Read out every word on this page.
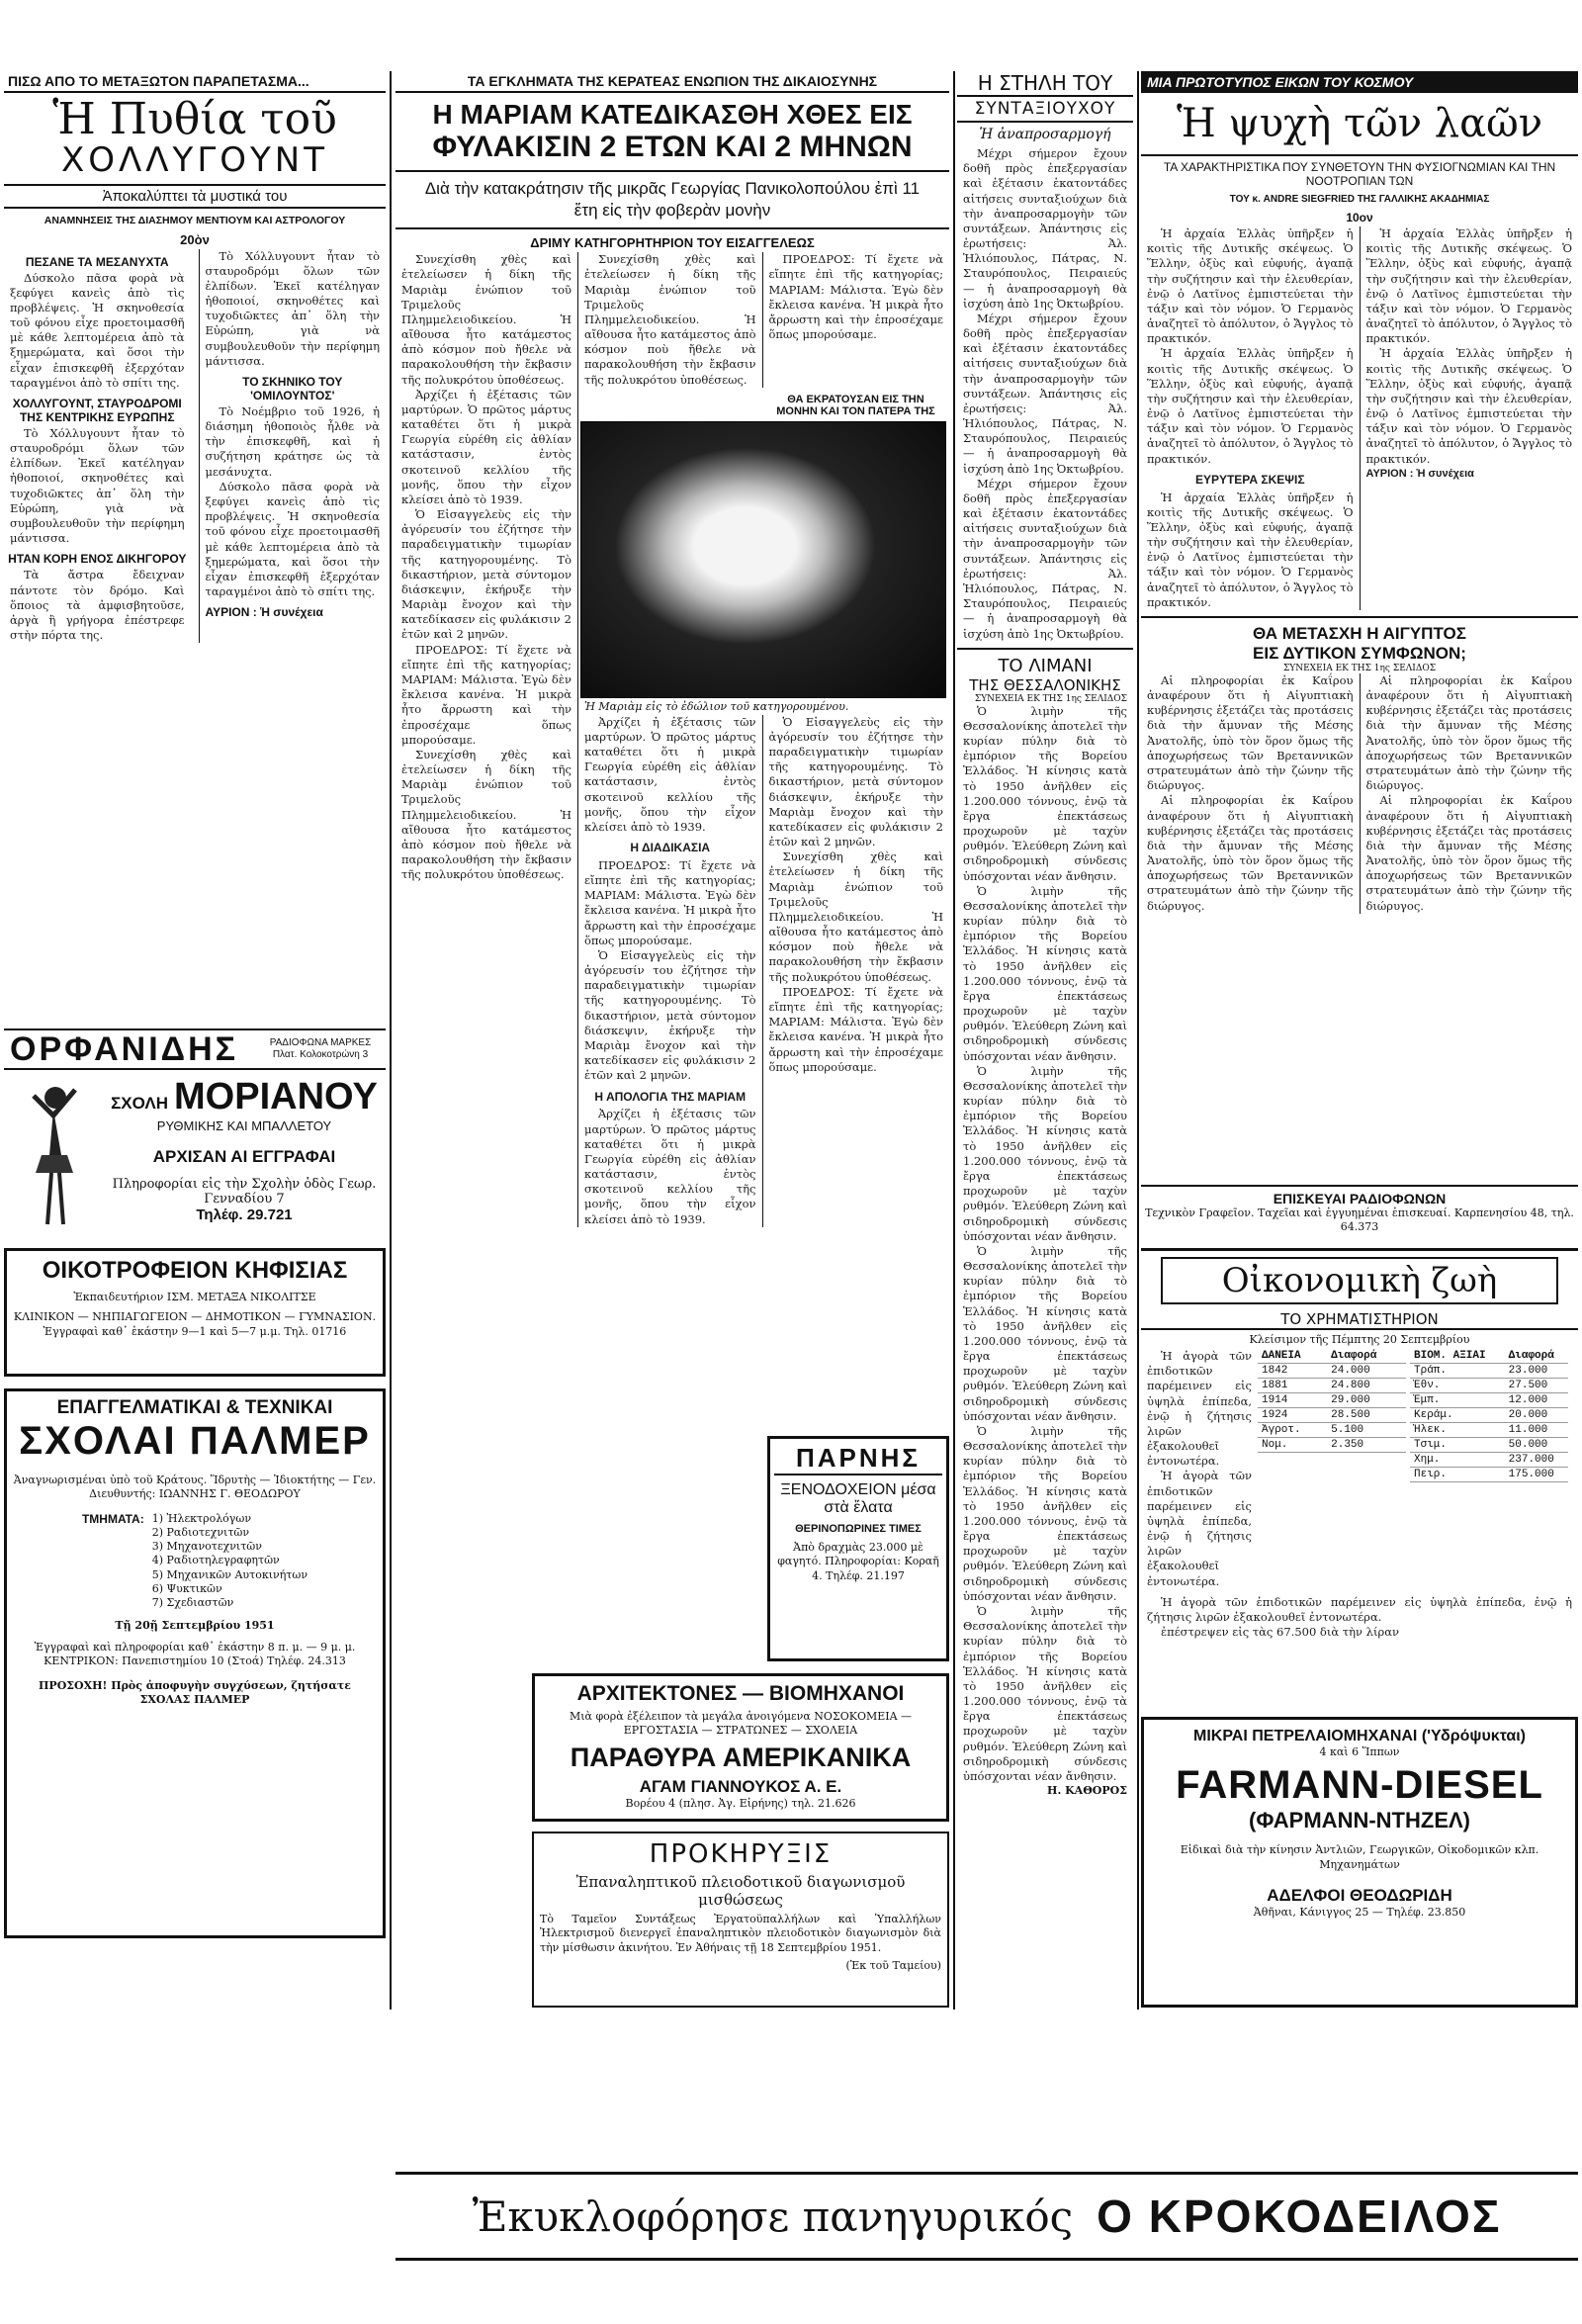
ΠΙΣΩ ΑΠΟ ΤΟ ΜΕΤΑΞΩΤΟΝ ΠΑΡΑΠΕΤΑΣΜΑ...
Ἡ Πυθία τοῦ
ΧΟΛΛΥΓΟΥΝΤ
Ἀποκαλύπτει τὰ μυστικά του
ΑΝΑΜΝΗΣΕΙΣ ΤΗΣ ΔΙΑΣΗΜΟΥ ΜΕΝΤΙΟΥΜ ΚΑΙ ΑΣΤΡΟΛΟΓΟΥ
20ὸν
ΠΕΣΑΝΕ ΤΑ ΜΕΣΑΝΥΧΤΑ

Δύσκολο πᾶσα φορὰ νὰ ξεφύγει κανεὶς ἀπὸ τὶς προβλέψεις. Ἡ σκηνοθεσία τοῦ φόνου εἶχε προετοιμασθῆ μὲ κάθε λεπτομέρεια ἀπὸ τὰ ξημερώματα, καὶ ὅσοι τὴν εἶχαν ἐπισκεφθῆ ἐξερχόταν ταραγμένοι ἀπὸ τὸ σπίτι της.

ΧΟΛΛΥΓΟΥΝΤ, ΣΤΑΥΡΟΔΡΟΜΙ ΤΗΣ ΚΕΝΤΡΙΚΗΣ ΕΥΡΩΠΗΣ

Τὸ Χόλλυγουντ ἦταν τὸ σταυροδρόμι ὅλων τῶν ἐλπίδων. Ἐκεῖ κατέληγαν ἠθοποιοί, σκηνοθέτες καὶ τυχοδιῶκτες ἀπ᾽ ὅλη τὴν Εὐρώπη, γιὰ νὰ συμβουλευθοῦν τὴν περίφημη μάντισσα.

ΗΤΑΝ ΚΟΡΗ ΕΝΟΣ ΔΙΚΗΓΟΡΟΥ

Τὰ ἄστρα ἔδειχναν πάντοτε τὸν δρόμο. Καὶ ὅποιος τὰ ἀμφισβητοῦσε, ἀργὰ ἢ γρήγορα ἐπέστρεφε στὴν πόρτα της.

Τὸ Χόλλυγουντ ἦταν τὸ σταυροδρόμι ὅλων τῶν ἐλπίδων. Ἐκεῖ κατέληγαν ἠθοποιοί, σκηνοθέτες καὶ τυχοδιῶκτες ἀπ᾽ ὅλη τὴν Εὐρώπη, γιὰ νὰ συμβουλευθοῦν τὴν περίφημη μάντισσα.

ΤΟ ΣΚΗΝΙΚΟ ΤΟΥ 'ΟΜΙΛΟΥΝΤΟΣ'

Τὸ Νοέμβριο τοῦ 1926, ἡ διάσημη ἠθοποιὸς ἦλθε νὰ τὴν ἐπισκεφθῆ, καὶ ἡ συζήτηση κράτησε ὡς τὰ μεσάνυχτα.

Δύσκολο πᾶσα φορὰ νὰ ξεφύγει κανεὶς ἀπὸ τὶς προβλέψεις. Ἡ σκηνοθεσία τοῦ φόνου εἶχε προετοιμασθῆ μὲ κάθε λεπτομέρεια ἀπὸ τὰ ξημερώματα, καὶ ὅσοι τὴν εἶχαν ἐπισκεφθῆ ἐξερχόταν ταραγμένοι ἀπὸ τὸ σπίτι της.

ΑΥΡΙΟΝ : Ἡ συνέχεια
ΟΡΦΑΝΙΔΗΣ	ΡΑΔΙΟΦΩΝΑ ΜΑΡΚΕΣ Πλατ. Κολοκοτρώνη 3
ΣΧΟΛΗ ΜΟΡΙΑΝΟΥ
ΡΥΘΜΙΚΗΣ ΚΑΙ ΜΠΑΛΛΕΤΟΥ
ΑΡΧΙΣΑΝ ΑΙ ΕΓΓΡΑΦΑΙ
Πληροφορίαι εἰς τὴν Σχολὴν ὁδὸς Γεωρ. Γενναδίου 7
Τηλέφ. 29.721
ΟΙΚΟΤΡΟΦΕΙΟΝ ΚΗΦΙΣΙΑΣ
Ἐκπαιδευτήριον ΙΣΜ. ΜΕΤΑΞΑ ΝΙΚΟΛΙΤΣΕ
ΚΛΙΝΙΚΟΝ — ΝΗΠΙΑΓΩΓΕΙΟΝ — ΔΗΜΟΤΙΚΟΝ — ΓΥΜΝΑΣΙΟΝ. Ἐγγραφαὶ καθ᾽ ἑκάστην 9—1 καὶ 5—7 μ.μ. Τηλ. 01716
ΕΠΑΓΓΕΛΜΑΤΙΚΑΙ & ΤΕΧΝΙΚΑΙ
ΣΧΟΛΑΙ ΠΑΛΜΕΡ
Ἀναγνωρισμέναι ὑπὸ τοῦ Κράτους. Ἵδρυτὴς — Ἰδιοκτήτης — Γεν. Διευθυντής: ΙΩΑΝΝΗΣ Γ. ΘΕΟΔΩΡΟΥ
ΤΜΗΜΑΤΑ: 1) Ἠλεκτρολόγων
2) Ραδιοτεχνιτῶν
3) Μηχανοτεχνιτῶν
4) Ραδιοτηλεγραφητῶν
5) Μηχανικῶν Αυτοκινήτων
6) Ψυκτικῶν
7) Σχεδιαστῶν
Τῇ 20ῇ Σεπτεμβρίου 1951
Ἐγγραφαὶ καὶ πληροφορίαι καθ᾽ ἑκάστην 8 π. μ. — 9 μ. μ. ΚΕΝΤΡΙΚΟΝ: Πανεπιστημίου 10 (Στοά) Τηλέφ. 24.313
ΠΡΟΣΟΧΗ! Πρὸς ἀποφυγὴν συγχύσεων, ζητήσατε ΣΧΟΛΑΣ ΠΑΛΜΕΡ
ΤΑ ΕΓΚΛΗΜΑΤΑ ΤΗΣ ΚΕΡΑΤΕΑΣ ΕΝΩΠΙΟΝ ΤΗΣ ΔΙΚΑΙΟΣΥΝΗΣ
Η ΜΑΡΙΑΜ ΚΑΤΕΔΙΚΑΣΘΗ ΧΘΕΣ ΕΙΣ
ΦΥΛΑΚΙΣΙΝ 2 ΕΤΩΝ ΚΑΙ 2 ΜΗΝΩΝ
Διὰ τὴν κατακράτησιν τῆς μικρᾶς Γεωργίας Πανικολοπούλου ἐπὶ 11 ἔτη εἰς τὴν φοβερὰν μονὴν
ΔΡΙΜΥ ΚΑΤΗΓΟΡΗΤΗΡΙΟΝ ΤΟΥ ΕΙΣΑΓΓΕΛΕΩΣ

Συνεχίσθη χθὲς καὶ ἐτελείωσεν ἡ δίκη τῆς Μαριὰμ ἐνώπιον τοῦ Τριμελοῦς Πλημμελειοδικείου. Ἡ αἴθουσα ἦτο κατάμεστος ἀπὸ κόσμον ποὺ ἤθελε νὰ παρακολουθήση τὴν ἔκβασιν τῆς πολυκρότου ὑποθέσεως.

Ἀρχίζει ἡ ἐξέτασις τῶν μαρτύρων. Ὁ πρῶτος μάρτυς καταθέτει ὅτι ἡ μικρὰ Γεωργία εὑρέθη εἰς ἀθλίαν κατάστασιν, ἐντὸς σκοτεινοῦ κελλίου τῆς μονῆς, ὅπου τὴν εἶχον κλείσει ἀπὸ τὸ 1939.

Ὁ Εἰσαγγελεὺς εἰς τὴν ἀγόρευσίν του ἐζήτησε τὴν παραδειγματικὴν τιμωρίαν τῆς κατηγορουμένης. Τὸ δικαστήριον, μετὰ σύντομον διάσκεψιν, ἐκήρυξε τὴν Μαριὰμ ἔνοχον καὶ τὴν κατεδίκασεν εἰς φυλάκισιν 2 ἐτῶν καὶ 2 μηνῶν.

ΠΡΟΕΔΡΟΣ: Τί ἔχετε νὰ εἴπητε ἐπὶ τῆς κατηγορίας; ΜΑΡΙΑΜ: Μάλιστα. Ἐγὼ δὲν ἔκλεισα κανένα. Ἡ μικρὰ ἦτο ἄρρωστη καὶ τὴν ἐπροσέχαμε ὅπως μπορούσαμε.

Συνεχίσθη χθὲς καὶ ἐτελείωσεν ἡ δίκη τῆς Μαριὰμ ἐνώπιον τοῦ Τριμελοῦς Πλημμελειοδικείου. Ἡ αἴθουσα ἦτο κατάμεστος ἀπὸ κόσμον ποὺ ἤθελε νὰ παρακολουθήση τὴν ἔκβασιν τῆς πολυκρότου ὑποθέσεως.

Συνεχίσθη χθὲς καὶ ἐτελείωσεν ἡ δίκη τῆς Μαριὰμ ἐνώπιον τοῦ Τριμελοῦς Πλημμελειοδικείου. Ἡ αἴθουσα ἦτο κατάμεστος ἀπὸ κόσμον ποὺ ἤθελε νὰ παρακολουθήση τὴν ἔκβασιν τῆς πολυκρότου ὑποθέσεως.

ΠΡΟΕΔΡΟΣ: Τί ἔχετε νὰ εἴπητε ἐπὶ τῆς κατηγορίας; ΜΑΡΙΑΜ: Μάλιστα. Ἐγὼ δὲν ἔκλεισα κανένα. Ἡ μικρὰ ἦτο ἄρρωστη καὶ τὴν ἐπροσέχαμε ὅπως μπορούσαμε.

ΘΑ ΕΚΡΑΤΟΥΣΑΝ ΕΙΣ ΤΗΝ ΜΟΝΗΝ ΚΑΙ ΤΟΝ ΠΑΤΕΡΑ ΤΗΣ
Ἡ Μαριὰμ εἰς τὸ ἑδώλιον τοῦ κατηγορουμένου.

Ἀρχίζει ἡ ἐξέτασις τῶν μαρτύρων. Ὁ πρῶτος μάρτυς καταθέτει ὅτι ἡ μικρὰ Γεωργία εὑρέθη εἰς ἀθλίαν κατάστασιν, ἐντὸς σκοτεινοῦ κελλίου τῆς μονῆς, ὅπου τὴν εἶχον κλείσει ἀπὸ τὸ 1939.

Η ΔΙΑΔΙΚΑΣΙΑ

ΠΡΟΕΔΡΟΣ: Τί ἔχετε νὰ εἴπητε ἐπὶ τῆς κατηγορίας; ΜΑΡΙΑΜ: Μάλιστα. Ἐγὼ δὲν ἔκλεισα κανένα. Ἡ μικρὰ ἦτο ἄρρωστη καὶ τὴν ἐπροσέχαμε ὅπως μπορούσαμε.

Ὁ Εἰσαγγελεὺς εἰς τὴν ἀγόρευσίν του ἐζήτησε τὴν παραδειγματικὴν τιμωρίαν τῆς κατηγορουμένης. Τὸ δικαστήριον, μετὰ σύντομον διάσκεψιν, ἐκήρυξε τὴν Μαριὰμ ἔνοχον καὶ τὴν κατεδίκασεν εἰς φυλάκισιν 2 ἐτῶν καὶ 2 μηνῶν.

Η ΑΠΟΛΟΓΙΑ ΤΗΣ ΜΑΡΙΑΜ

Ἀρχίζει ἡ ἐξέτασις τῶν μαρτύρων. Ὁ πρῶτος μάρτυς καταθέτει ὅτι ἡ μικρὰ Γεωργία εὑρέθη εἰς ἀθλίαν κατάστασιν, ἐντὸς σκοτεινοῦ κελλίου τῆς μονῆς, ὅπου τὴν εἶχον κλείσει ἀπὸ τὸ 1939.

Ὁ Εἰσαγγελεὺς εἰς τὴν ἀγόρευσίν του ἐζήτησε τὴν παραδειγματικὴν τιμωρίαν τῆς κατηγορουμένης. Τὸ δικαστήριον, μετὰ σύντομον διάσκεψιν, ἐκήρυξε τὴν Μαριὰμ ἔνοχον καὶ τὴν κατεδίκασεν εἰς φυλάκισιν 2 ἐτῶν καὶ 2 μηνῶν.

Συνεχίσθη χθὲς καὶ ἐτελείωσεν ἡ δίκη τῆς Μαριὰμ ἐνώπιον τοῦ Τριμελοῦς Πλημμελειοδικείου. Ἡ αἴθουσα ἦτο κατάμεστος ἀπὸ κόσμον ποὺ ἤθελε νὰ παρακολουθήση τὴν ἔκβασιν τῆς πολυκρότου ὑποθέσεως.

ΠΡΟΕΔΡΟΣ: Τί ἔχετε νὰ εἴπητε ἐπὶ τῆς κατηγορίας; ΜΑΡΙΑΜ: Μάλιστα. Ἐγὼ δὲν ἔκλεισα κανένα. Ἡ μικρὰ ἦτο ἄρρωστη καὶ τὴν ἐπροσέχαμε ὅπως μπορούσαμε.

ΠΑΡΝΗΣ
ΞΕΝΟΔΟΧΕΙΟΝ μέσα στὰ ἔλατα
ΘΕΡΙΝΟΠΩΡΙΝΕΣ ΤΙΜΕΣ
Ἀπὸ δραχμὰς 23.000 μὲ φαγητό. Πληροφορίαι: Κοραῆ 4. Τηλέφ. 21.197
ΑΡΧΙΤΕΚΤΟΝΕΣ — ΒΙΟΜΗΧΑΝΟΙ
Μιὰ φορὰ ἐξέλειπον τὰ μεγάλα ἀνοιγόμενα ΝΟΣΟΚΟΜΕΙΑ — ΕΡΓΟΣΤΑΣΙΑ — ΣΤΡΑΤΩΝΕΣ — ΣΧΟΛΕΙΑ
ΠΑΡΑΘΥΡΑ ΑΜΕΡΙΚΑΝΙΚΑ
ΑΓΑΜ ΓΙΑΝΝΟΥΚΟΣ Α. Ε.
Βορέου 4 (πλησ. Ἀγ. Εἰρήνης) τηλ. 21.626
ΠΡΟΚΗΡΥΞΙΣ
Ἐπαναληπτικοῦ πλειοδοτικοῦ διαγωνισμοῦ μισθώσεως
Τὸ Ταμεῖον Συντάξεως Ἐργατοϋπαλλήλων καὶ Ὑπαλλήλων Ἠλεκτρισμοῦ διενεργεῖ ἐπαναληπτικὸν πλειοδοτικὸν διαγωνισμὸν διὰ τὴν μίσθωσιν ἀκινήτου. Ἐν Ἀθήναις τῇ 18 Σεπτεμβρίου 1951.
(Ἐκ τοῦ Ταμείου)
Η ΣΤΗΛΗ ΤΟΥ
ΣΥΝΤΑΞΙΟΥΧΟΥ
Ἡ ἀναπροσαρμογή

Μέχρι σήμερον ἔχουν δοθῆ πρὸς ἐπεξεργασίαν καὶ ἐξέτασιν ἑκατοντάδες αἰτήσεις συνταξιούχων διὰ τὴν ἀναπροσαρμογὴν τῶν συντάξεων. Ἀπάντησις εἰς ἐρωτήσεις: Ἀλ. Ἡλιόπουλος, Πάτρας, Ν. Σταυρόπουλος, Πειραιεύς — ἡ ἀναπροσαρμογὴ θὰ ἰσχύση ἀπὸ 1ης Ὀκτωβρίου.

Μέχρι σήμερον ἔχουν δοθῆ πρὸς ἐπεξεργασίαν καὶ ἐξέτασιν ἑκατοντάδες αἰτήσεις συνταξιούχων διὰ τὴν ἀναπροσαρμογὴν τῶν συντάξεων. Ἀπάντησις εἰς ἐρωτήσεις: Ἀλ. Ἡλιόπουλος, Πάτρας, Ν. Σταυρόπουλος, Πειραιεύς — ἡ ἀναπροσαρμογὴ θὰ ἰσχύση ἀπὸ 1ης Ὀκτωβρίου.

Μέχρι σήμερον ἔχουν δοθῆ πρὸς ἐπεξεργασίαν καὶ ἐξέτασιν ἑκατοντάδες αἰτήσεις συνταξιούχων διὰ τὴν ἀναπροσαρμογὴν τῶν συντάξεων. Ἀπάντησις εἰς ἐρωτήσεις: Ἀλ. Ἡλιόπουλος, Πάτρας, Ν. Σταυρόπουλος, Πειραιεύς — ἡ ἀναπροσαρμογὴ θὰ ἰσχύση ἀπὸ 1ης Ὀκτωβρίου.

ΤΟ ΛΙΜΑΝΙ
ΤΗΣ ΘΕΣΣΑΛΟΝΙΚΗΣ
ΣΥΝΕΧΕΙΑ ΕΚ ΤΗΣ 1ης ΣΕΛΙΔΟΣ

Ὁ λιμὴν τῆς Θεσσαλονίκης ἀποτελεῖ τὴν κυρίαν πύλην διὰ τὸ ἐμπόριον τῆς Βορείου Ἑλλάδος. Ἡ κίνησις κατὰ τὸ 1950 ἀνῆλθεν εἰς 1.200.000 τόννους, ἐνῷ τὰ ἔργα ἐπεκτάσεως προχωροῦν μὲ ταχὺν ρυθμόν. Ἐλεύθερη Ζώνη καὶ σιδηροδρομικὴ σύνδεσις ὑπόσχονται νέαν ἄνθησιν.

Ὁ λιμὴν τῆς Θεσσαλονίκης ἀποτελεῖ τὴν κυρίαν πύλην διὰ τὸ ἐμπόριον τῆς Βορείου Ἑλλάδος. Ἡ κίνησις κατὰ τὸ 1950 ἀνῆλθεν εἰς 1.200.000 τόννους, ἐνῷ τὰ ἔργα ἐπεκτάσεως προχωροῦν μὲ ταχὺν ρυθμόν. Ἐλεύθερη Ζώνη καὶ σιδηροδρομικὴ σύνδεσις ὑπόσχονται νέαν ἄνθησιν.

Ὁ λιμὴν τῆς Θεσσαλονίκης ἀποτελεῖ τὴν κυρίαν πύλην διὰ τὸ ἐμπόριον τῆς Βορείου Ἑλλάδος. Ἡ κίνησις κατὰ τὸ 1950 ἀνῆλθεν εἰς 1.200.000 τόννους, ἐνῷ τὰ ἔργα ἐπεκτάσεως προχωροῦν μὲ ταχὺν ρυθμόν. Ἐλεύθερη Ζώνη καὶ σιδηροδρομικὴ σύνδεσις ὑπόσχονται νέαν ἄνθησιν.

Ὁ λιμὴν τῆς Θεσσαλονίκης ἀποτελεῖ τὴν κυρίαν πύλην διὰ τὸ ἐμπόριον τῆς Βορείου Ἑλλάδος. Ἡ κίνησις κατὰ τὸ 1950 ἀνῆλθεν εἰς 1.200.000 τόννους, ἐνῷ τὰ ἔργα ἐπεκτάσεως προχωροῦν μὲ ταχὺν ρυθμόν. Ἐλεύθερη Ζώνη καὶ σιδηροδρομικὴ σύνδεσις ὑπόσχονται νέαν ἄνθησιν.

Ὁ λιμὴν τῆς Θεσσαλονίκης ἀποτελεῖ τὴν κυρίαν πύλην διὰ τὸ ἐμπόριον τῆς Βορείου Ἑλλάδος. Ἡ κίνησις κατὰ τὸ 1950 ἀνῆλθεν εἰς 1.200.000 τόννους, ἐνῷ τὰ ἔργα ἐπεκτάσεως προχωροῦν μὲ ταχὺν ρυθμόν. Ἐλεύθερη Ζώνη καὶ σιδηροδρομικὴ σύνδεσις ὑπόσχονται νέαν ἄνθησιν.

Ὁ λιμὴν τῆς Θεσσαλονίκης ἀποτελεῖ τὴν κυρίαν πύλην διὰ τὸ ἐμπόριον τῆς Βορείου Ἑλλάδος. Ἡ κίνησις κατὰ τὸ 1950 ἀνῆλθεν εἰς 1.200.000 τόννους, ἐνῷ τὰ ἔργα ἐπεκτάσεως προχωροῦν μὲ ταχὺν ρυθμόν. Ἐλεύθερη Ζώνη καὶ σιδηροδρομικὴ σύνδεσις ὑπόσχονται νέαν ἄνθησιν.

Η. ΚΑΘΟΡΟΣ
ΜΙΑ ΠΡΩΤΟΤΥΠΟΣ ΕΙΚΩΝ ΤΟΥ ΚΟΣΜΟΥ
Ἡ ψυχὴ τῶν λαῶν
ΤΑ ΧΑΡΑΚΤΗΡΙΣΤΙΚΑ ΠΟΥ ΣΥΝΘΕΤΟΥΝ ΤΗΝ ΦΥΣΙΟΓΝΩΜΙΑΝ ΚΑΙ ΤΗΝ ΝΟΟΤΡΟΠΙΑΝ ΤΩΝ
ΤΟΥ κ. ANDRE SIEGFRIED ΤΗΣ ΓΑΛΛΙΚΗΣ ΑΚΑΔΗΜΙΑΣ
10ον

Ἡ ἀρχαία Ἑλλὰς ὑπῆρξεν ἡ κοιτὶς τῆς Δυτικῆς σκέψεως. Ὁ Ἕλλην, ὀξὺς καὶ εὐφυής, ἀγαπᾷ τὴν συζήτησιν καὶ τὴν ἐλευθερίαν, ἐνῷ ὁ Λατῖνος ἐμπιστεύεται τὴν τάξιν καὶ τὸν νόμον. Ὁ Γερμανὸς ἀναζητεῖ τὸ ἀπόλυτον, ὁ Ἄγγλος τὸ πρακτικόν.

Ἡ ἀρχαία Ἑλλὰς ὑπῆρξεν ἡ κοιτὶς τῆς Δυτικῆς σκέψεως. Ὁ Ἕλλην, ὀξὺς καὶ εὐφυής, ἀγαπᾷ τὴν συζήτησιν καὶ τὴν ἐλευθερίαν, ἐνῷ ὁ Λατῖνος ἐμπιστεύεται τὴν τάξιν καὶ τὸν νόμον. Ὁ Γερμανὸς ἀναζητεῖ τὸ ἀπόλυτον, ὁ Ἄγγλος τὸ πρακτικόν.

ΕΥΡΥΤΕΡΑ ΣΚΕΨΙΣ

Ἡ ἀρχαία Ἑλλὰς ὑπῆρξεν ἡ κοιτὶς τῆς Δυτικῆς σκέψεως. Ὁ Ἕλλην, ὀξὺς καὶ εὐφυής, ἀγαπᾷ τὴν συζήτησιν καὶ τὴν ἐλευθερίαν, ἐνῷ ὁ Λατῖνος ἐμπιστεύεται τὴν τάξιν καὶ τὸν νόμον. Ὁ Γερμανὸς ἀναζητεῖ τὸ ἀπόλυτον, ὁ Ἄγγλος τὸ πρακτικόν.

Ἡ ἀρχαία Ἑλλὰς ὑπῆρξεν ἡ κοιτὶς τῆς Δυτικῆς σκέψεως. Ὁ Ἕλλην, ὀξὺς καὶ εὐφυής, ἀγαπᾷ τὴν συζήτησιν καὶ τὴν ἐλευθερίαν, ἐνῷ ὁ Λατῖνος ἐμπιστεύεται τὴν τάξιν καὶ τὸν νόμον. Ὁ Γερμανὸς ἀναζητεῖ τὸ ἀπόλυτον, ὁ Ἄγγλος τὸ πρακτικόν.

Ἡ ἀρχαία Ἑλλὰς ὑπῆρξεν ἡ κοιτὶς τῆς Δυτικῆς σκέψεως. Ὁ Ἕλλην, ὀξὺς καὶ εὐφυής, ἀγαπᾷ τὴν συζήτησιν καὶ τὴν ἐλευθερίαν, ἐνῷ ὁ Λατῖνος ἐμπιστεύεται τὴν τάξιν καὶ τὸν νόμον. Ὁ Γερμανὸς ἀναζητεῖ τὸ ἀπόλυτον, ὁ Ἄγγλος τὸ πρακτικόν.

ΑΥΡΙΟΝ : Ἡ συνέχεια
ΘΑ ΜΕΤΑΣΧΗ Η ΑΙΓΥΠΤΟΣ
ΕΙΣ ΔΥΤΙΚΟΝ ΣΥΜΦΩΝΟΝ;
ΣΥΝΕΧΕΙΑ ΕΚ ΤΗΣ 1ης ΣΕΛΙΔΟΣ

Αἱ πληροφορίαι ἐκ Καΐρου ἀναφέρουν ὅτι ἡ Αἰγυπτιακὴ κυβέρνησις ἐξετάζει τὰς προτάσεις διὰ τὴν ἄμυναν τῆς Μέσης Ἀνατολῆς, ὑπὸ τὸν ὅρον ὅμως τῆς ἀποχωρήσεως τῶν Βρεταννικῶν στρατευμάτων ἀπὸ τὴν ζώνην τῆς διώρυγος.

Αἱ πληροφορίαι ἐκ Καΐρου ἀναφέρουν ὅτι ἡ Αἰγυπτιακὴ κυβέρνησις ἐξετάζει τὰς προτάσεις διὰ τὴν ἄμυναν τῆς Μέσης Ἀνατολῆς, ὑπὸ τὸν ὅρον ὅμως τῆς ἀποχωρήσεως τῶν Βρεταννικῶν στρατευμάτων ἀπὸ τὴν ζώνην τῆς διώρυγος.

Αἱ πληροφορίαι ἐκ Καΐρου ἀναφέρουν ὅτι ἡ Αἰγυπτιακὴ κυβέρνησις ἐξετάζει τὰς προτάσεις διὰ τὴν ἄμυναν τῆς Μέσης Ἀνατολῆς, ὑπὸ τὸν ὅρον ὅμως τῆς ἀποχωρήσεως τῶν Βρεταννικῶν στρατευμάτων ἀπὸ τὴν ζώνην τῆς διώρυγος.

Αἱ πληροφορίαι ἐκ Καΐρου ἀναφέρουν ὅτι ἡ Αἰγυπτιακὴ κυβέρνησις ἐξετάζει τὰς προτάσεις διὰ τὴν ἄμυναν τῆς Μέσης Ἀνατολῆς, ὑπὸ τὸν ὅρον ὅμως τῆς ἀποχωρήσεως τῶν Βρεταννικῶν στρατευμάτων ἀπὸ τὴν ζώνην τῆς διώρυγος.

ΕΠΙΣΚΕΥΑΙ ΡΑΔΙΟΦΩΝΩΝ
Τεχνικὸν Γραφεῖον. Ταχεῖαι καὶ ἐγγυημέναι ἐπισκευαί. Καρπενησίου 48, τηλ. 64.373
Οἰκονομικὴ ζωὴ
ΤΟ ΧΡΗΜΑΤΙΣΤΗΡΙΟΝ
Κλείσιμον τῆς Πέμπτης 20 Σεπτεμβρίου

Ἡ ἀγορὰ τῶν ἐπιδοτικῶν παρέμεινεν εἰς ὑψηλὰ ἐπίπεδα, ἐνῷ ἡ ζήτησις λιρῶν ἐξακολουθεῖ ἐντονωτέρα.

Ἡ ἀγορὰ τῶν ἐπιδοτικῶν παρέμεινεν εἰς ὑψηλὰ ἐπίπεδα, ἐνῷ ἡ ζήτησις λιρῶν ἐξακολουθεῖ ἐντονωτέρα.

ΔΑΝΕΙΑ	Διαφορά
1842	24.000
1881	24.800
1914	29.000
1924	28.500
Ἀγροτ.	5.100
Νομ.	2.350
ΒΙΟΜ. ΑΞΙΑΙ	Διαφορά
Τράπ.	23.000
Ἐθν.	27.500
Ἐμπ.	12.000
Κεράμ.	20.000
Ἠλεκ.	11.000
Τσιμ.	50.000
Χημ.	237.000
Πειρ.	175.000

Ἡ ἀγορὰ τῶν ἐπιδοτικῶν παρέμεινεν εἰς ὑψηλὰ ἐπίπεδα, ἐνῷ ἡ ζήτησις λιρῶν ἐξακολουθεῖ ἐντονωτέρα.

ἐπέστρεψεν εἰς τὰς 67.500 διὰ τὴν λίραν

ΜΙΚΡΑΙ ΠΕΤΡΕΛΑΙΟΜΗΧΑΝΑΙ ('Υδρόψυκται)
4 καὶ 6 Ἵππων
FARMANN-DIESEL
(ΦΑΡΜΑΝΝ-ΝΤΗΖΕΛ)
Εἰδικαὶ διὰ τὴν κίνησιν Ἀντλιῶν, Γεωργικῶν, Οἰκοδομικῶν κλπ. Μηχανημάτων
ΑΔΕΛΦΟΙ ΘΕΟΔΩΡΙΔΗ
Ἀθῆναι, Κάνιγγος 25 — Τηλέφ. 23.850
Ἐκυκλοφόρησε πανηγυρικός Ο ΚΡΟΚΟΔΕΙΛΟΣ
